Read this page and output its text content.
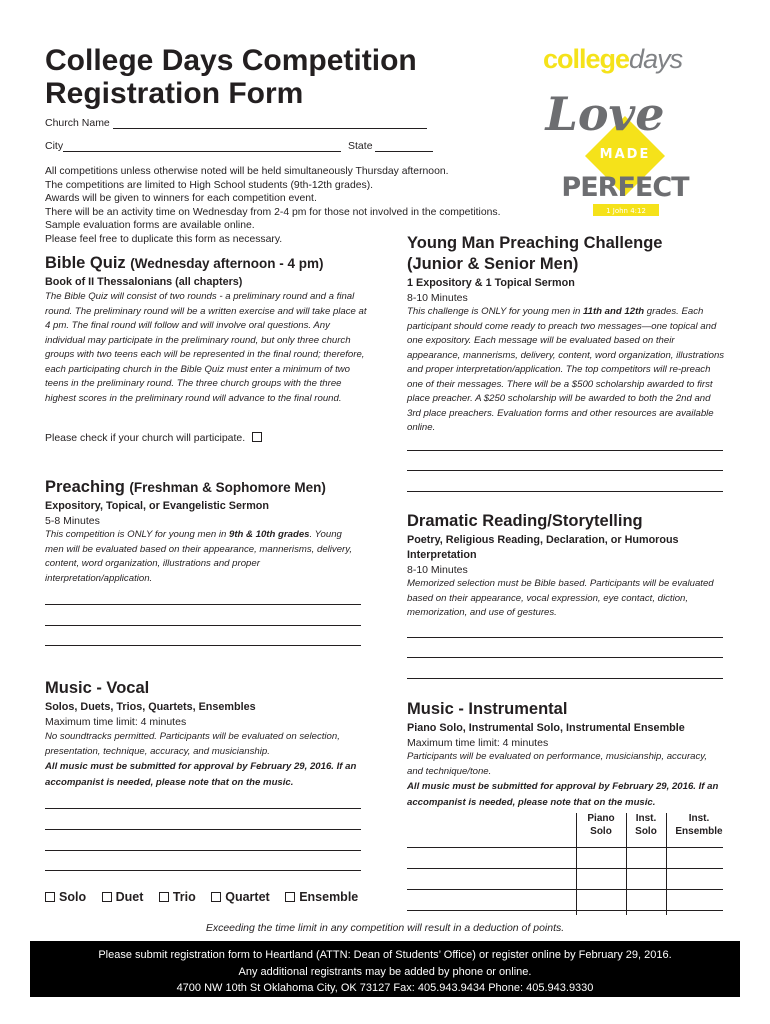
College Days Competition Registration Form
collegedays
Love
MADE
PERFECT
1 John 4:12
Church Name
City	State
All competitions unless otherwise noted will be held simultaneously Thursday afternoon.
The competitions are limited to High School students (9th-12th grades).
Awards will be given to winners for each competition event.
There will be an activity time on Wednesday from 2-4 pm for those not involved in the competitions.
Sample evaluation forms are available online.
Please feel free to duplicate this form as necessary.
Bible Quiz (Wednesday afternoon - 4 pm)
Book of II Thessalonians (all chapters)
The Bible Quiz will consist of two rounds - a preliminary round and a final round. The preliminary round will be a written exercise and will take place at 4 pm. The final round will follow and will involve oral questions. Any individual may participate in the preliminary round, but only three church groups with two teens each will be represented in the final round; therefore, each participating church in the Bible Quiz must enter a minimum of two teens in the preliminary round. The three church groups with the three highest scores in the preliminary round will advance to the final round.
Please check if your church will participate.
Preaching (Freshman & Sophomore Men)
Expository, Topical, or Evangelistic Sermon
5-8 Minutes
This competition is ONLY for young men in 9th & 10th grades. Young men will be evaluated based on their appearance, mannerisms, delivery, content, word organization, illustrations and proper interpretation/application.
Music - Vocal
Solos, Duets, Trios, Quartets, Ensembles
Maximum time limit: 4 minutes
No soundtracks permitted. Participants will be evaluated on selection, presentation, technique, accuracy, and musicianship.
All music must be submitted for approval by February 29, 2016. If an accompanist is needed, please note that on the music.
Solo Duet Trio Quartet Ensemble
Young Man Preaching Challenge
(Junior & Senior Men)
1 Expository & 1 Topical Sermon
8-10 Minutes
This challenge is ONLY for young men in 11th and 12th grades. Each participant should come ready to preach two messages—one topical and one expository. Each message will be evaluated based on their appearance, mannerisms, delivery, content, word organization, illustrations and proper interpretation/application. The top competitors will re-preach one of their messages. There will be a $500 scholarship awarded to first place preacher. A $250 scholarship will be awarded to both the 2nd and 3rd place preachers. Evaluation forms and other resources are available online.
Dramatic Reading/Storytelling
Poetry, Religious Reading, Declaration, or Humorous Interpretation
8-10 Minutes
Memorized selection must be Bible based. Participants will be evaluated based on their appearance, vocal expression, eye contact, diction, memorization, and use of gestures.
Music - Instrumental
Piano Solo, Instrumental Solo, Instrumental Ensemble
Maximum time limit: 4 minutes
Participants will be evaluated on performance, musicianship, accuracy, and technique/tone.
All music must be submitted for approval by February 29, 2016. If an accompanist is needed, please note that on the music.
Piano
Solo
Inst.
Solo
Inst.
Ensemble
Exceeding the time limit in any competition will result in a deduction of points.
Please submit registration form to Heartland (ATTN: Dean of Students’ Office) or register online by February 29, 2016.
Any additional registrants may be added by phone or online.
4700 NW 10th St Oklahoma City, OK 73127 Fax: 405.943.9434 Phone: 405.943.9330
